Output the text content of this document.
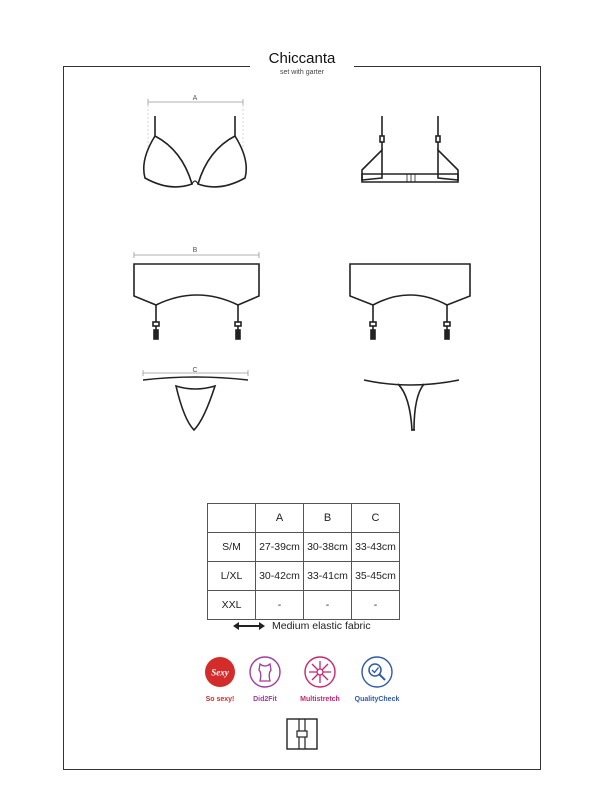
Chiccanta
set with garter
A
B
C
	A	B	C
S/M	27-39cm	30-38cm	33-43cm
L/XL	30-42cm	33-41cm	35-45cm
XXL	-	-	-
Medium elastic fabric
Sexy
So sexy!	Did2Fit	Multistretch	QualityCheck
